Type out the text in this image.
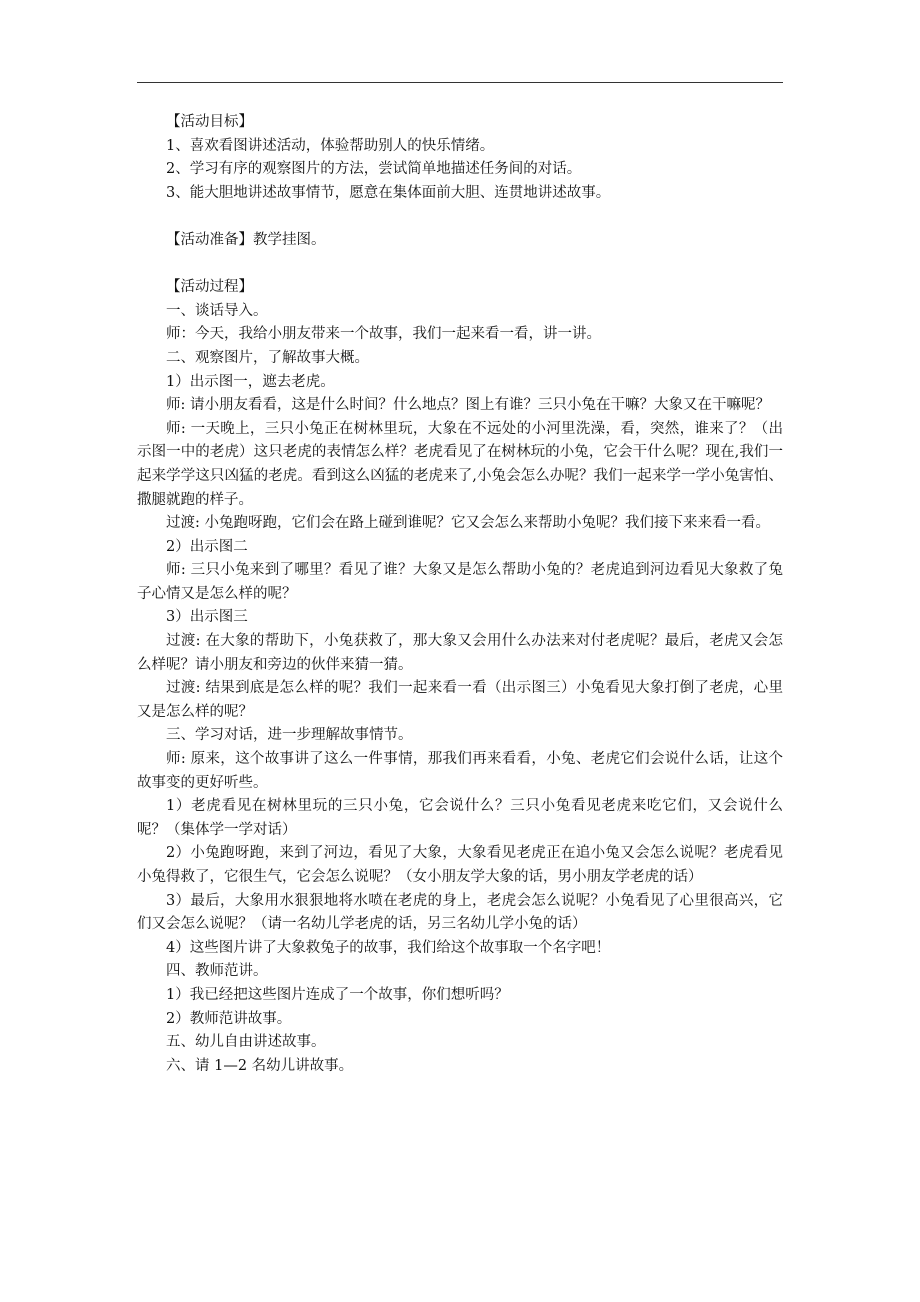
【活动目标】

1、喜欢看图讲述活动，体验帮助别人的快乐情绪。

2、学习有序的观察图片的方法，尝试简单地描述任务间的对话。

3、能大胆地讲述故事情节，愿意在集体面前大胆、连贯地讲述故事。

【活动准备】教学挂图。

【活动过程】

一、谈话导入。

师：今天，我给小朋友带来一个故事，我们一起来看一看，讲一讲。

二、观察图片，了解故事大概。

1）出示图一，遮去老虎。

师: 请小朋友看看，这是什么时间？什么地点？图上有谁？三只小兔在干嘛？大象又在干嘛呢？

师: 一天晚上，三只小兔正在树林里玩，大象在不远处的小河里洗澡，看，突然，谁来了？（出示图一中的老虎）这只老虎的表情怎么样？老虎看见了在树林玩的小兔，它会干什么呢？现在,我们一起来学学这只凶猛的老虎。看到这么凶猛的老虎来了,小兔会怎么办呢？我们一起来学一学小兔害怕、撒腿就跑的样子。

过渡: 小兔跑呀跑，它们会在路上碰到谁呢？它又会怎么来帮助小兔呢？我们接下来来看一看。

2）出示图二

师: 三只小兔来到了哪里？看见了谁？大象又是怎么帮助小兔的？老虎追到河边看见大象救了兔子心情又是怎么样的呢？

3）出示图三

过渡: 在大象的帮助下，小兔获救了，那大象又会用什么办法来对付老虎呢？最后，老虎又会怎么样呢？请小朋友和旁边的伙伴来猜一猜。

过渡: 结果到底是怎么样的呢？我们一起来看一看（出示图三）小兔看见大象打倒了老虎，心里又是怎么样的呢？

三、学习对话，进一步理解故事情节。

师: 原来，这个故事讲了这么一件事情，那我们再来看看，小兔、老虎它们会说什么话，让这个故事变的更好听些。

1）老虎看见在树林里玩的三只小兔，它会说什么？三只小兔看见老虎来吃它们，又会说什么呢？（集体学一学对话）

2）小兔跑呀跑，来到了河边，看见了大象，大象看见老虎正在追小兔又会怎么说呢？老虎看见小兔得救了，它很生气，它会怎么说呢？（女小朋友学大象的话，男小朋友学老虎的话）

3）最后，大象用水狠狠地将水喷在老虎的身上，老虎会怎么说呢？小兔看见了心里很高兴，它们又会怎么说呢？（请一名幼儿学老虎的话，另三名幼儿学小兔的话）

4）这些图片讲了大象救兔子的故事，我们给这个故事取一个名字吧！

四、教师范讲。

1）我已经把这些图片连成了一个故事，你们想听吗？

2）教师范讲故事。

五、幼儿自由讲述故事。

六、请 1—2 名幼儿讲故事。
